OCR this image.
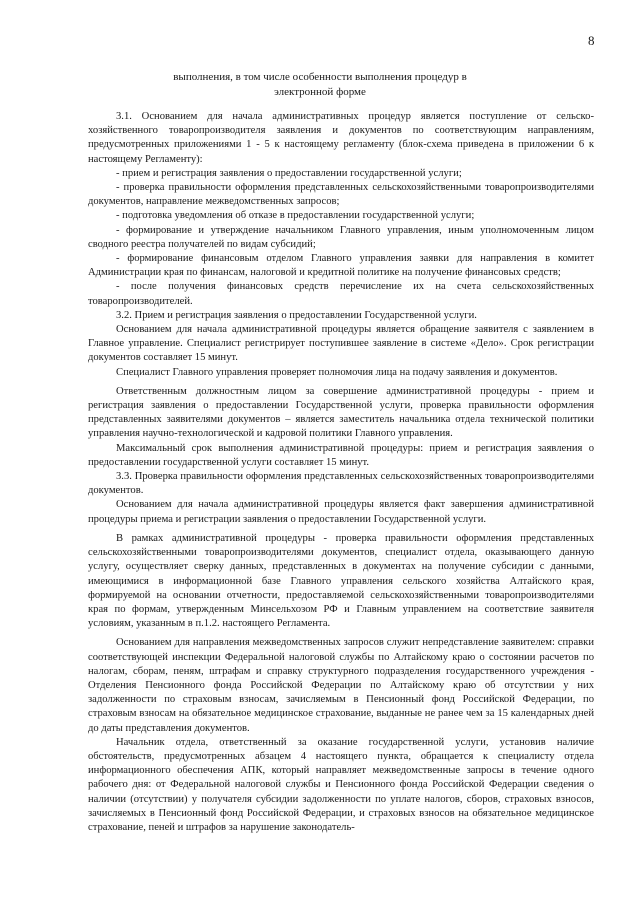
8
выполнения, в том числе особенности выполнения процедур в
электронной форме

3.1. Основанием для начала административных процедур является поступление от сельско-хозяйственного товаропроизводителя заявления и документов по соответствующим направлениям, предусмотренных приложениями 1 - 5 к настоящему регламенту (блок-схема приведена в приложении 6 к настоящему Регламенту):

- прием и регистрация заявления о предоставлении государственной услуги;

- проверка правильности оформления представленных сельскохозяйственными товаропроизводителями документов, направление межведомственных запросов;

- подготовка уведомления об отказе в предоставлении государственной услуги;

- формирование и утверждение начальником Главного управления, иным уполномоченным лицом сводного реестра получателей по видам субсидий;

- формирование финансовым отделом Главного управления заявки для направления в комитет Администрации края по финансам, налоговой и кредитной политике на получение финансовых средств;

- после получения финансовых средств перечисление их на счета сельскохозяйственных товаропроизводителей.

3.2. Прием и регистрация заявления о предоставлении Государственной услуги.

Основанием для начала административной процедуры является обращение заявителя с заявлением в Главное управление. Специалист регистрирует поступившее заявление в системе «Дело». Срок регистрации документов составляет 15 минут.

Специалист Главного управления проверяет полномочия лица на подачу заявления и документов.

Ответственным должностным лицом за совершение административной процедуры - прием и регистрация заявления о предоставлении Государственной услуги, проверка правильности оформления представленных заявителями документов – является заместитель начальника отдела технической политики управления научно-технологической и кадровой политики Главного управления.

Максимальный срок выполнения административной процедуры: прием и регистрация заявления о предоставлении государственной услуги составляет 15 минут.

3.3. Проверка правильности оформления представленных сельскохозяйственных товаропроизводителями документов.

Основанием для начала административной процедуры является факт завершения административной процедуры приема и регистрации заявления о предоставлении Государственной услуги.

В рамках административной процедуры - проверка правильности оформления представленных сельскохозяйственными товаропроизводителями документов, специалист отдела, оказывающего данную услугу, осуществляет сверку данных, представленных в документах на получение субсидии с данными, имеющимися в информационной базе Главного управления сельского хозяйства Алтайского края, формируемой на основании отчетности, предоставляемой сельскохозяйственными товаропроизводителями края по формам, утвержденным Минсельхозом РФ и Главным управлением на соответствие заявителя условиям, указанным в п.1.2. настоящего Регламента.

Основанием для направления межведомственных запросов служит непредставление заявителем: справки соответствующей инспекции Федеральной налоговой службы по Алтайскому краю о состоянии расчетов по налогам, сборам, пеням, штрафам и справку структурного подразделения государственного учреждения - Отделения Пенсионного фонда Российской Федерации по Алтайскому краю об отсутствии у них задолженности по страховым взносам, зачисляемым в Пенсионный фонд Российской Федерации, по страховым взносам на обязательное медицинское страхование, выданные не ранее чем за 15 календарных дней до даты представления документов.

Начальник отдела, ответственный за оказание государственной услуги, установив наличие обстоятельств, предусмотренных абзацем 4 настоящего пункта, обращается к специалисту отдела информационного обеспечения АПК, который направляет межведомственные запросы в течение одного рабочего дня: от Федеральной налоговой службы и Пенсионного фонда Российской Федерации сведения о наличии (отсутствии) у получателя субсидии задолженности по уплате налогов, сборов, страховых взносов, зачисляемых в Пенсионный фонд Российской Федерации, и страховых взносов на обязательное медицинское страхование, пеней и штрафов за нарушение законодатель-
